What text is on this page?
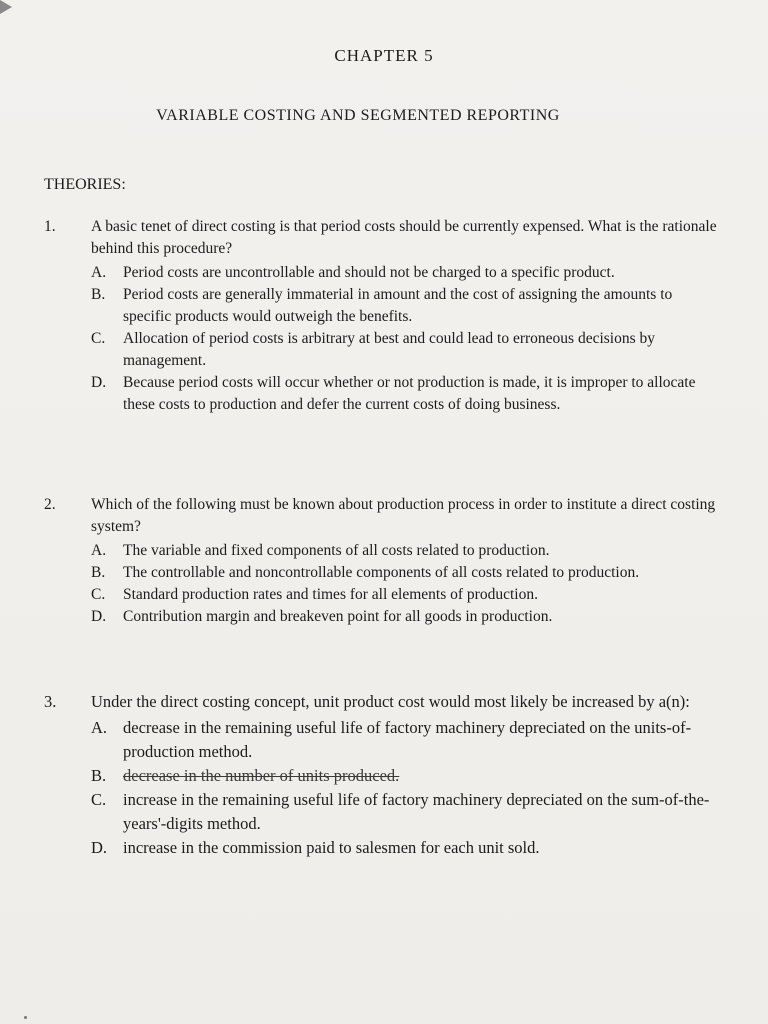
CHAPTER 5
VARIABLE COSTING AND SEGMENTED REPORTING
THEORIES:
1. A basic tenet of direct costing is that period costs should be currently expensed. What is the rationale behind this procedure?
A.	Period costs are uncontrollable and should not be charged to a specific product.
B.	Period costs are generally immaterial in amount and the cost of assigning the amounts to specific products would outweigh the benefits.
C.	Allocation of period costs is arbitrary at best and could lead to erroneous decisions by management.
D.	Because period costs will occur whether or not production is made, it is improper to allocate these costs to production and defer the current costs of doing business.
2. Which of the following must be known about production process in order to institute a direct costing system?
A.	The variable and fixed components of all costs related to production.
B.	The controllable and noncontrollable components of all costs related to production.
C.	Standard production rates and times for all elements of production.
D.	Contribution margin and breakeven point for all goods in production.
3. Under the direct costing concept, unit product cost would most likely be increased by a(n):
A. decrease in the remaining useful life of factory machinery depreciated on the units-of-production method.
B.	decrease in the number of units produced.
C.	increase in the remaining useful life of factory machinery depreciated on the sum-of-the-years'-digits method.
D. increase in the commission paid to salesmen for each unit sold.
